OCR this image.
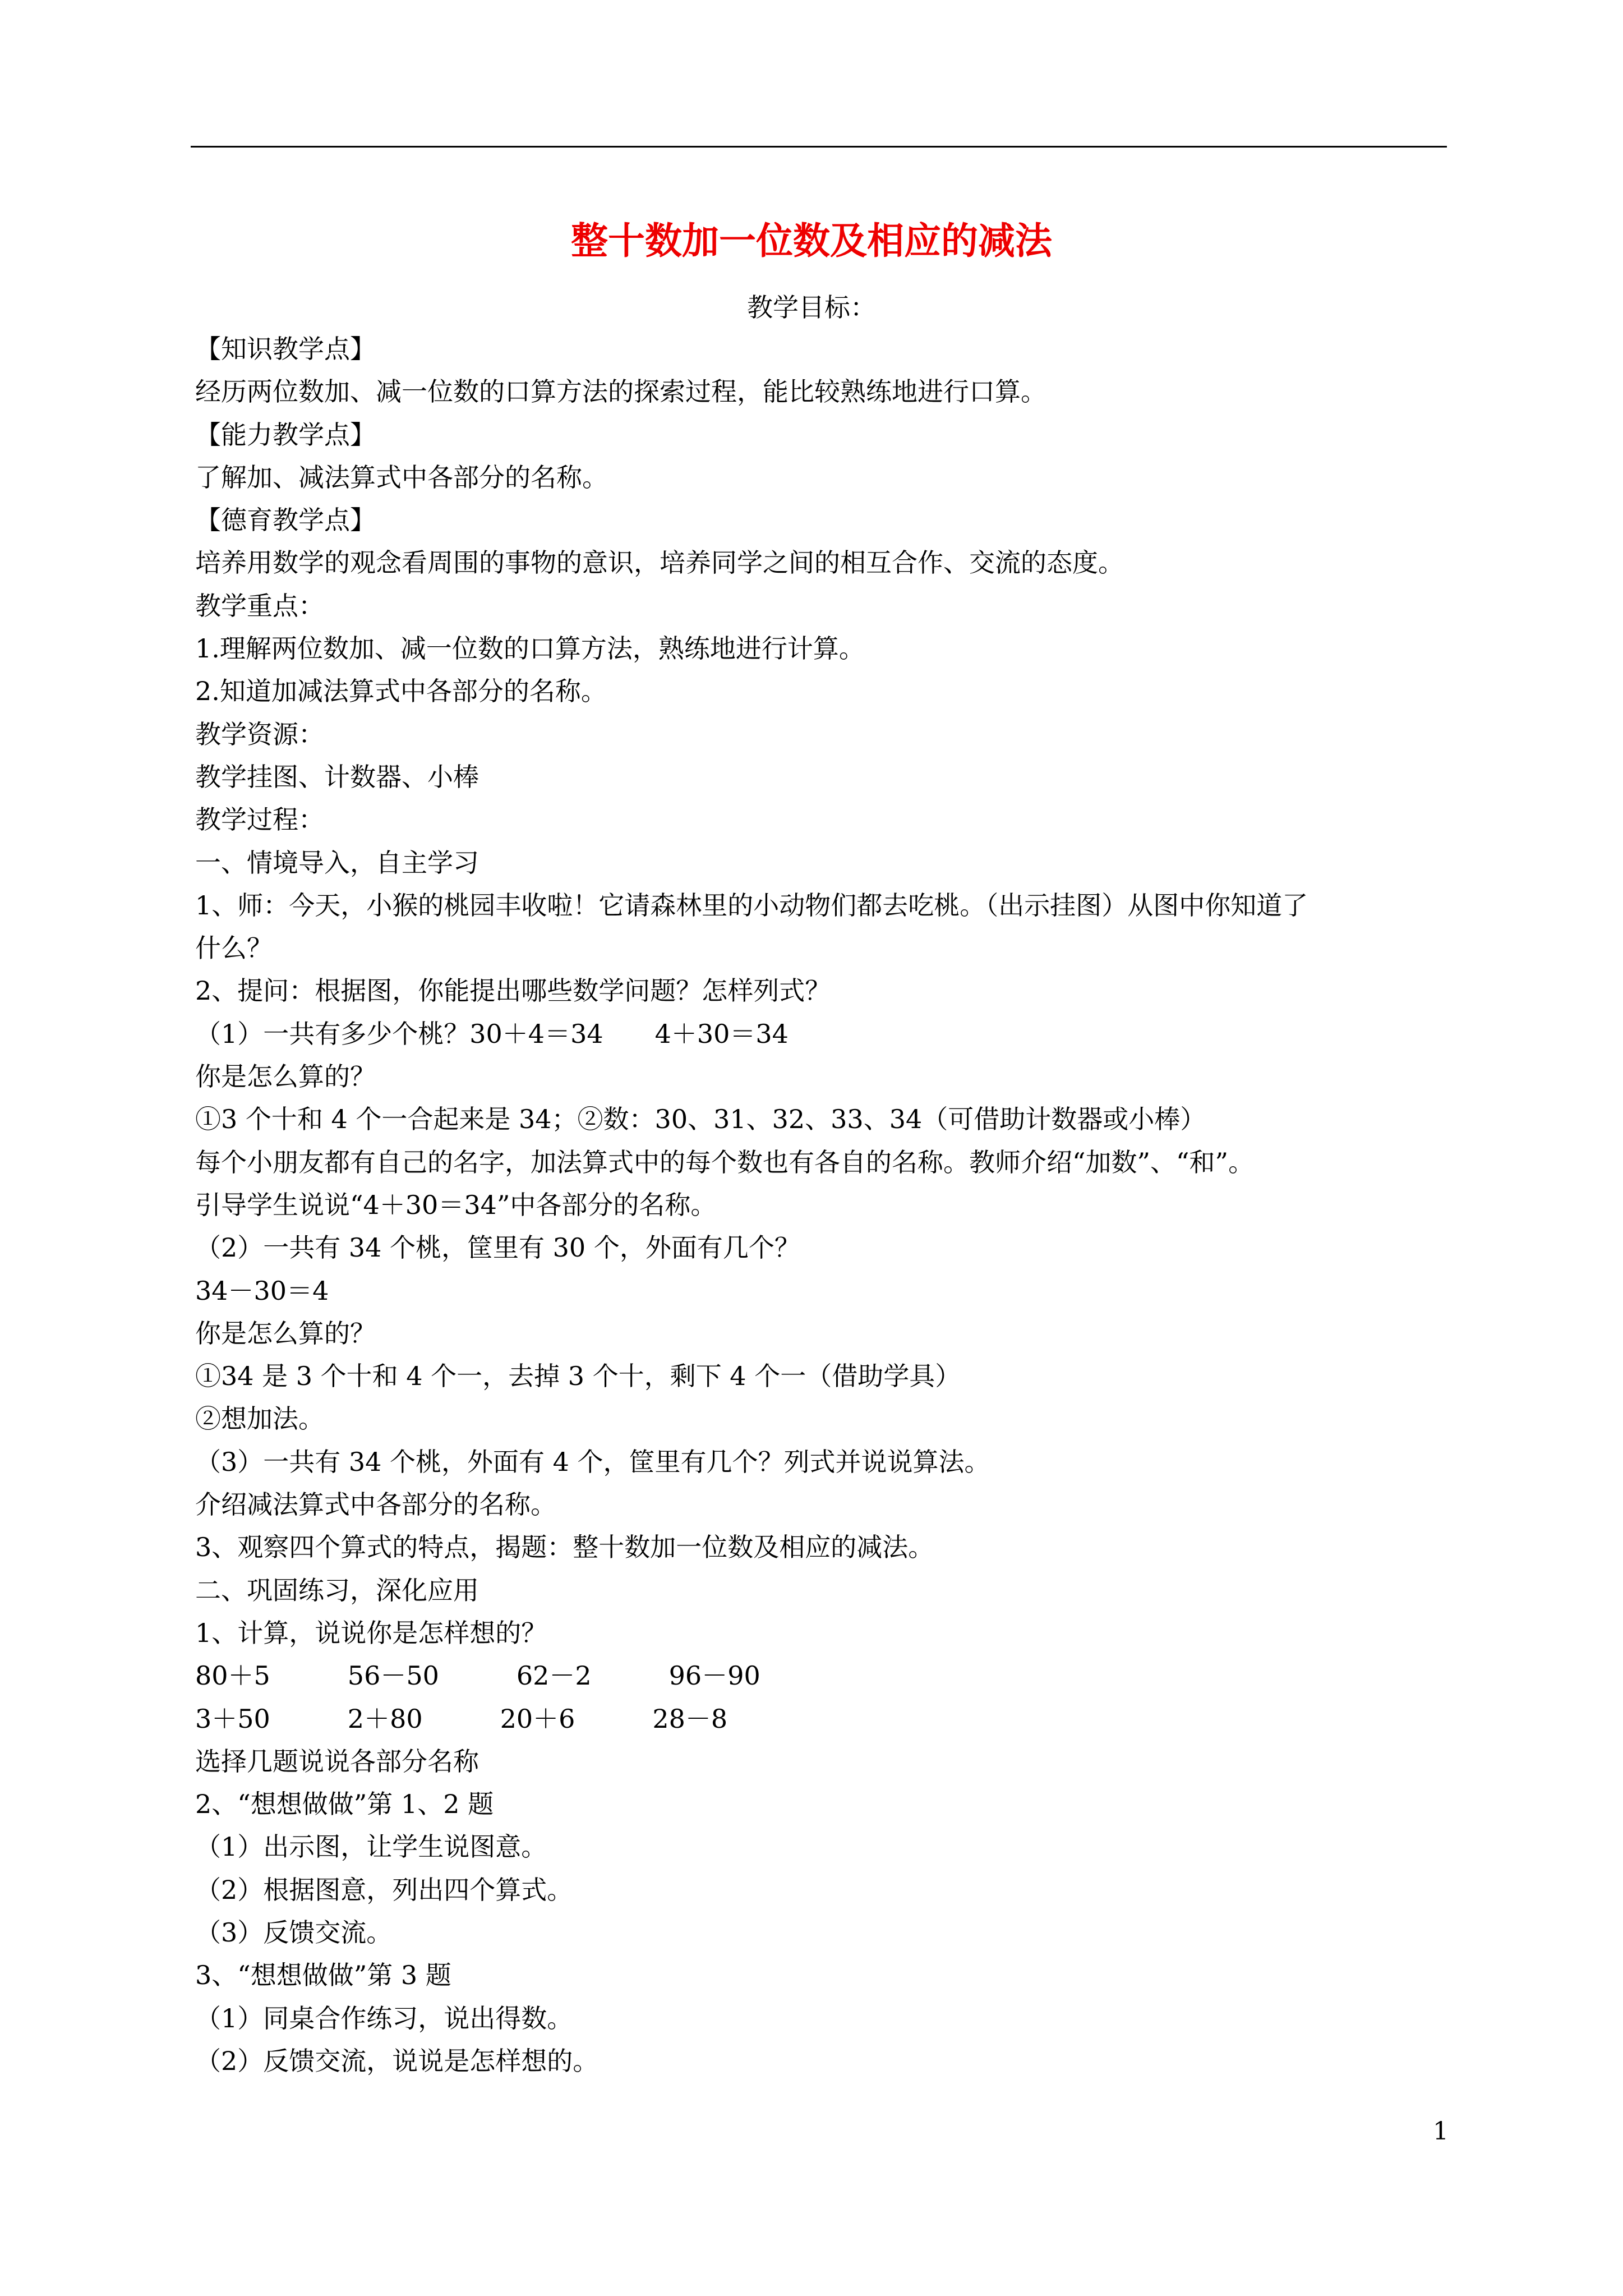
整十数加一位数及相应的减法
教学目标：
【知识教学点】
经历两位数加、减一位数的口算方法的探索过程，能比较熟练地进行口算。
【能力教学点】
了解加、减法算式中各部分的名称。
【德育教学点】
培养用数学的观念看周围的事物的意识，培养同学之间的相互合作、交流的态度。
教学重点：
1.理解两位数加、减一位数的口算方法，熟练地进行计算。
2.知道加减法算式中各部分的名称。
教学资源：
教学挂图、计数器、小棒
教学过程：
一、情境导入，自主学习
1、师：今天，小猴的桃园丰收啦！它请森林里的小动物们都去吃桃。（出示挂图）从图中你知道了
什么？
2、提问：根据图，你能提出哪些数学问题？怎样列式？
（1）一共有多少个桃？30＋4＝34　　4＋30＝34
你是怎么算的？
①3 个十和 4 个一合起来是 34；②数：30、31、32、33、34（可借助计数器或小棒）
每个小朋友都有自己的名字，加法算式中的每个数也有各自的名称。教师介绍“加数”、“和”。
引导学生说说“4＋30＝34”中各部分的名称。
（2）一共有 34 个桃，筐里有 30 个，外面有几个？
34－30＝4
你是怎么算的？
①34 是 3 个十和 4 个一，去掉 3 个十，剩下 4 个一（借助学具）
②想加法。
（3）一共有 34 个桃，外面有 4 个，筐里有几个？列式并说说算法。
介绍减法算式中各部分的名称。
3、观察四个算式的特点，揭题：整十数加一位数及相应的减法。
二、巩固练习，深化应用
1、计算，说说你是怎样想的？
80＋5　　　56－50　　　62－2　　　96－90
3＋50　　　2＋80　　　20＋6　　　28－8
选择几题说说各部分名称
2、“想想做做”第 1、2 题
（1）出示图，让学生说图意。
（2）根据图意，列出四个算式。
（3）反馈交流。
3、“想想做做”第 3 题
（1）同桌合作练习，说出得数。
（2）反馈交流，说说是怎样想的。
1
